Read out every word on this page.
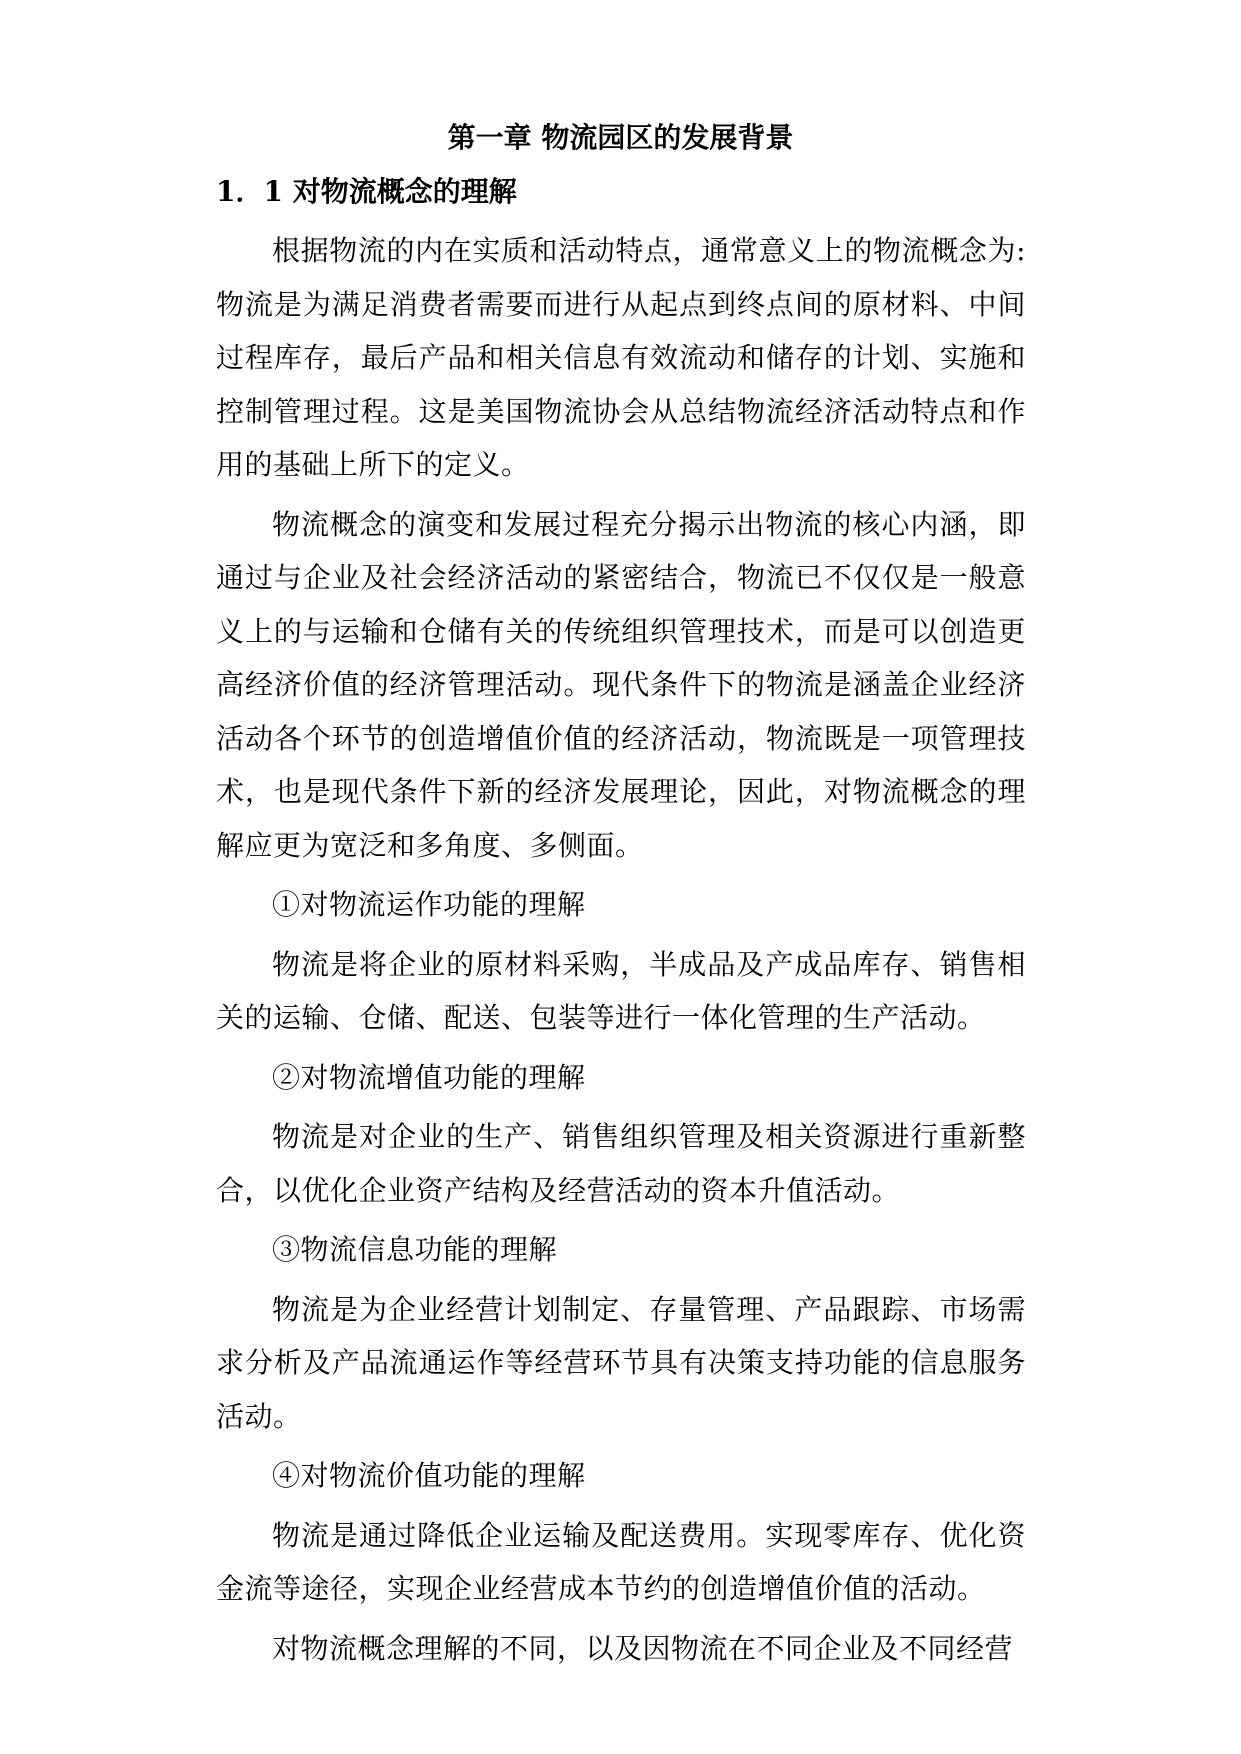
第一章 物流园区的发展背景
1．1 对物流概念的理解

根据物流的内在实质和活动特点，通常意义上的物流概念为:物流是为满足消费者需要而进行从起点到终点间的原材料、中间过程库存，最后产品和相关信息有效流动和储存的计划、实施和控制管理过程。这是美国物流协会从总结物流经济活动特点和作用的基础上所下的定义。

物流概念的演变和发展过程充分揭示出物流的核心内涵，即通过与企业及社会经济活动的紧密结合，物流已不仅仅是一般意义上的与运输和仓储有关的传统组织管理技术，而是可以创造更高经济价值的经济管理活动。现代条件下的物流是涵盖企业经济活动各个环节的创造增值价值的经济活动，物流既是一项管理技术，也是现代条件下新的经济发展理论，因此，对物流概念的理解应更为宽泛和多角度、多侧面。

①对物流运作功能的理解

物流是将企业的原材料采购，半成品及产成品库存、销售相关的运输、仓储、配送、包装等进行一体化管理的生产活动。

②对物流增值功能的理解

物流是对企业的生产、销售组织管理及相关资源进行重新整合，以优化企业资产结构及经营活动的资本升值活动。

③物流信息功能的理解

物流是为企业经营计划制定、存量管理、产品跟踪、市场需求分析及产品流通运作等经营环节具有决策支持功能的信息服务活动。

④对物流价值功能的理解

物流是通过降低企业运输及配送费用。实现零库存、优化资金流等途径，实现企业经营成本节约的创造增值价值的活动。

对物流概念理解的不同，以及因物流在不同企业及不同经营
